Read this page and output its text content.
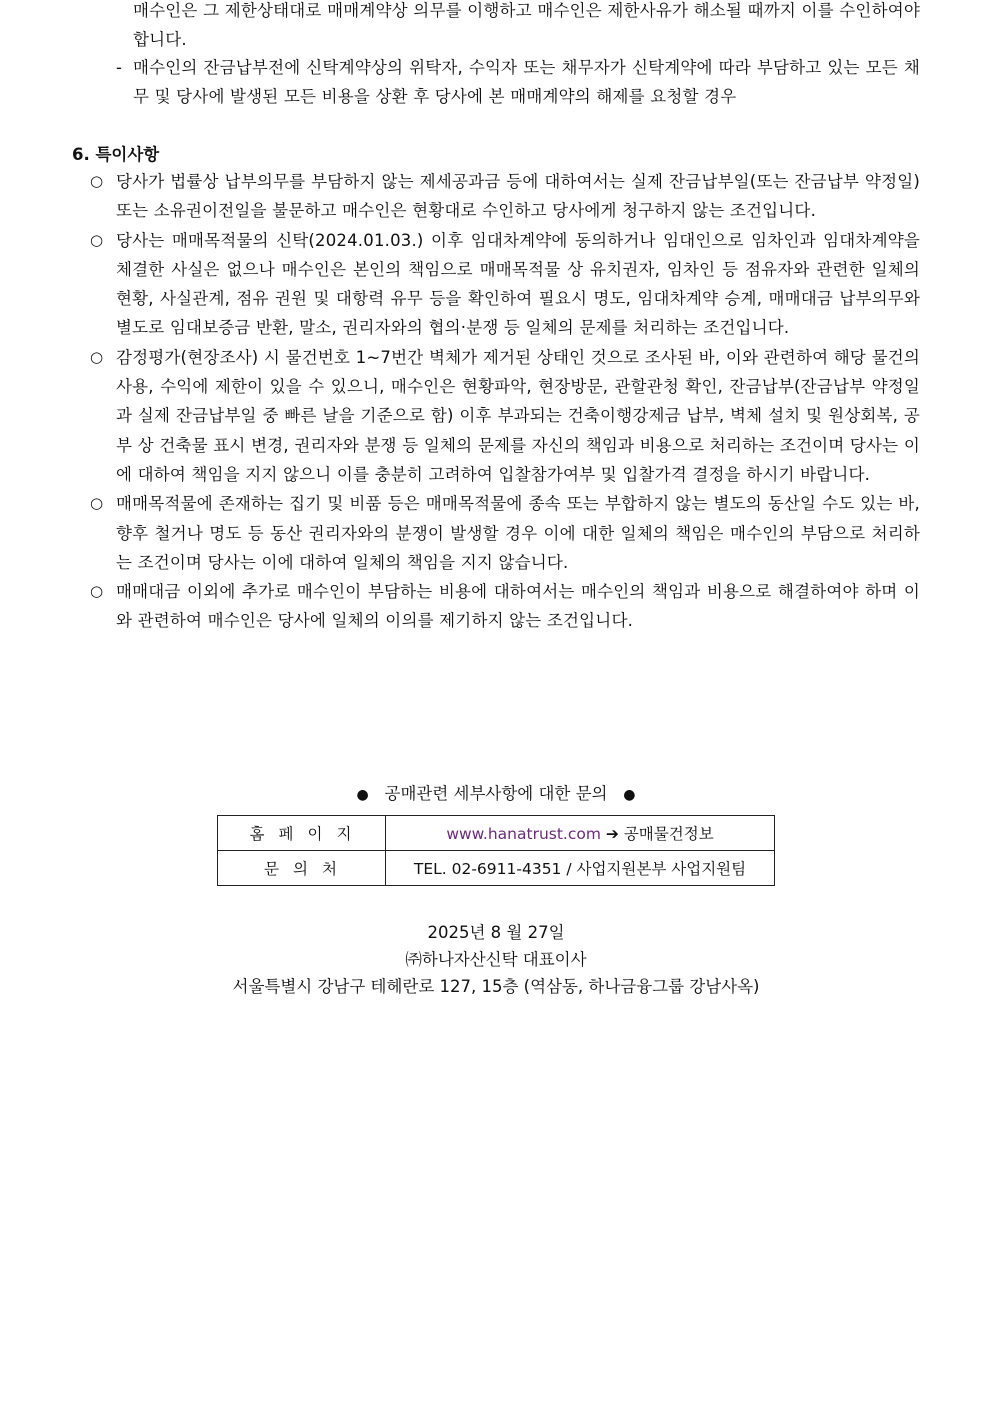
매수인은 그 제한상태대로 매매계약상 의무를 이행하고 매수인은 제한사유가 해소될 때까지 이를 수인하여야 합니다.
- 매수인의 잔금납부전에 신탁계약상의 위탁자, 수익자 또는 채무자가 신탁계약에 따라 부담하고 있는 모든 채무 및 당사에 발생된 모든 비용을 상환 후 당사에 본 매매계약의 해제를 요청할 경우
6. 특이사항
○ 당사가 법률상 납부의무를 부담하지 않는 제세공과금 등에 대하여서는 실제 잔금납부일(또는 잔금납부 약정일) 또는 소유권이전일을 불문하고 매수인은 현황대로 수인하고 당사에게 청구하지 않는 조건입니다.
○ 당사는 매매목적물의 신탁(2024.01.03.) 이후 임대차계약에 동의하거나 임대인으로 임차인과 임대차계약을 체결한 사실은 없으나 매수인은 본인의 책임으로 매매목적물 상 유치권자, 임차인 등 점유자와 관련한 일체의 현황, 사실관계, 점유 권원 및 대항력 유무 등을 확인하여 필요시 명도, 임대차계약 승계, 매매대금 납부의무와 별도로 임대보증금 반환, 말소, 권리자와의 협의·분쟁 등 일체의 문제를 처리하는 조건입니다.
○ 감정평가(현장조사) 시 물건번호 1~7번간 벽체가 제거된 상태인 것으로 조사된 바, 이와 관련하여 해당 물건의 사용, 수익에 제한이 있을 수 있으니, 매수인은 현황파악, 현장방문, 관할관청 확인, 잔금납부(잔금납부 약정일과 실제 잔금납부일 중 빠른 날을 기준으로 함) 이후 부과되는 건축이행강제금 납부, 벽체 설치 및 원상회복, 공부 상 건축물 표시 변경, 권리자와 분쟁 등 일체의 문제를 자신의 책임과 비용으로 처리하는 조건이며 당사는 이에 대하여 책임을 지지 않으니 이를 충분히 고려하여 입찰참가여부 및 입찰가격 결정을 하시기 바랍니다.
○ 매매목적물에 존재하는 집기 및 비품 등은 매매목적물에 종속 또는 부합하지 않는 별도의 동산일 수도 있는 바, 향후 철거나 명도 등 동산 권리자와의 분쟁이 발생할 경우 이에 대한 일체의 책임은 매수인의 부담으로 처리하는 조건이며 당사는 이에 대하여 일체의 책임을 지지 않습니다.
○ 매매대금 이외에 추가로 매수인이 부담하는 비용에 대하여서는 매수인의 책임과 비용으로 해결하여야 하며 이와 관련하여 매수인은 당사에 일체의 이의를 제기하지 않는 조건입니다.
● 공매관련 세부사항에 대한 문의 ●
홈페이지	www.hanatrust.com ➔ 공매물건정보
문의처	TEL. 02-6911-4351 / 사업지원본부 사업지원팀
2025년 8 월 27일
㈜하나자산신탁 대표이사
서울특별시 강남구 테헤란로 127, 15층 (역삼동, 하나금융그룹 강남사옥)
